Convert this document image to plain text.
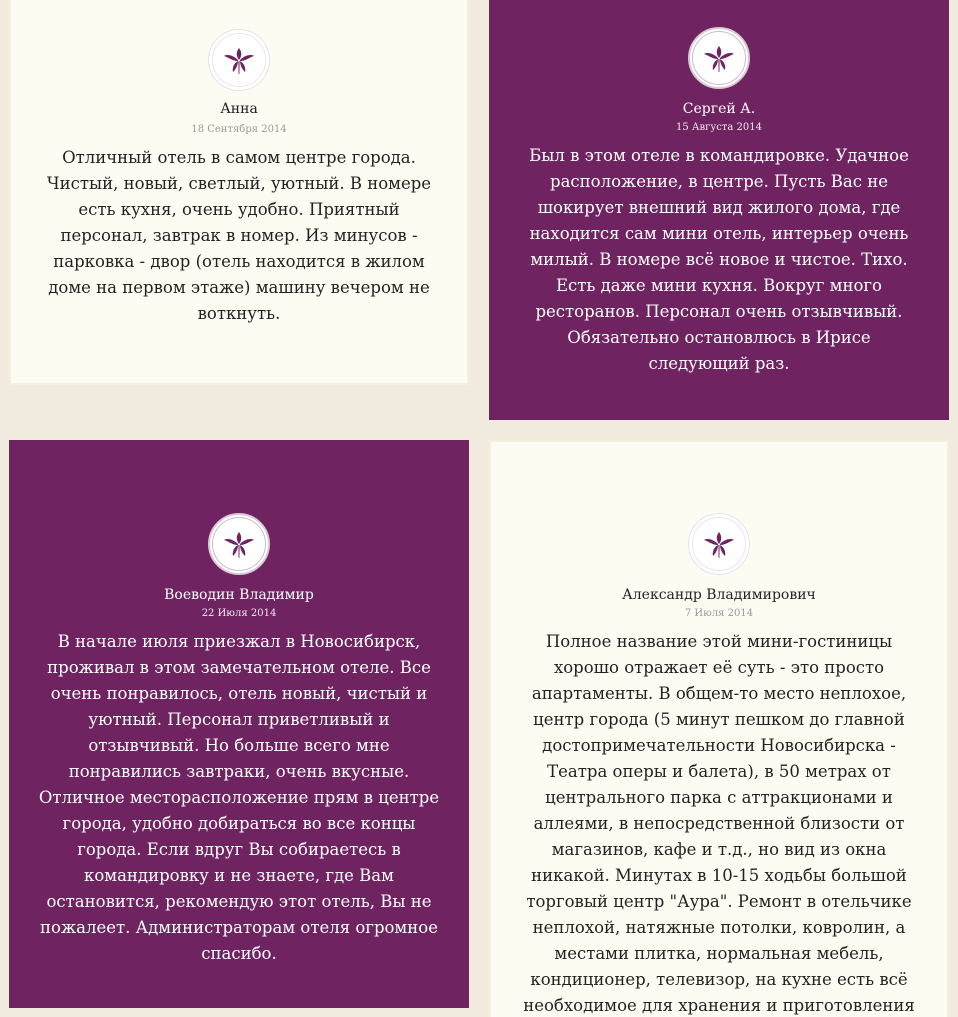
Анна
18 Сентября 2014
Отличный отель в самом центре города.
Чистый, новый, светлый, уютный. В номере
есть кухня, очень удобно. Приятный
персонал, завтрак в номер. Из минусов -
парковка - двор (отель находится в жилом
доме на первом этаже) машину вечером не
воткнуть.
Сергей А.
15 Августа 2014
Был в этом отеле в командировке. Удачное
расположение, в центре. Пусть Вас не
шокирует внешний вид жилого дома, где
находится сам мини отель, интерьер очень
милый. В номере всё новое и чистое. Тихо.
Есть даже мини кухня. Вокруг много
ресторанов. Персонал очень отзывчивый.
Обязательно остановлюсь в Ирисе
следующий раз.
Воеводин Владимир
22 Июля 2014
В начале июля приезжал в Новосибирск,
проживал в этом замечательном отеле. Все
очень понравилось, отель новый, чистый и
уютный. Персонал приветливый и
отзывчивый. Но больше всего мне
понравились завтраки, очень вкусные.
Отличное месторасположение прям в центре
города, удобно добираться во все концы
города. Если вдруг Вы собираетесь в
командировку и не знаете, где Вам
остановится, рекомендую этот отель, Вы не
пожалеет. Администраторам отеля огромное
спасибо.
Александр Владимирович
7 Июля 2014
Полное название этой мини-гостиницы
хорошо отражает её суть - это просто
апартаменты. В общем-то место неплохое,
центр города (5 минут пешком до главной
достопримечательности Новосибирска -
Театра оперы и балета), в 50 метрах от
центрального парка с аттракционами и
аллеями, в непосредственной близости от
магазинов, кафе и т.д., но вид из окна
никакой. Минутах в 10-15 ходьбы большой
торговый центр "Аура". Ремонт в отельчике
неплохой, натяжные потолки, ковролин, а
местами плитка, нормальная мебель,
кондиционер, телевизор, на кухне есть всё
необходимое для хранения и приготовления
